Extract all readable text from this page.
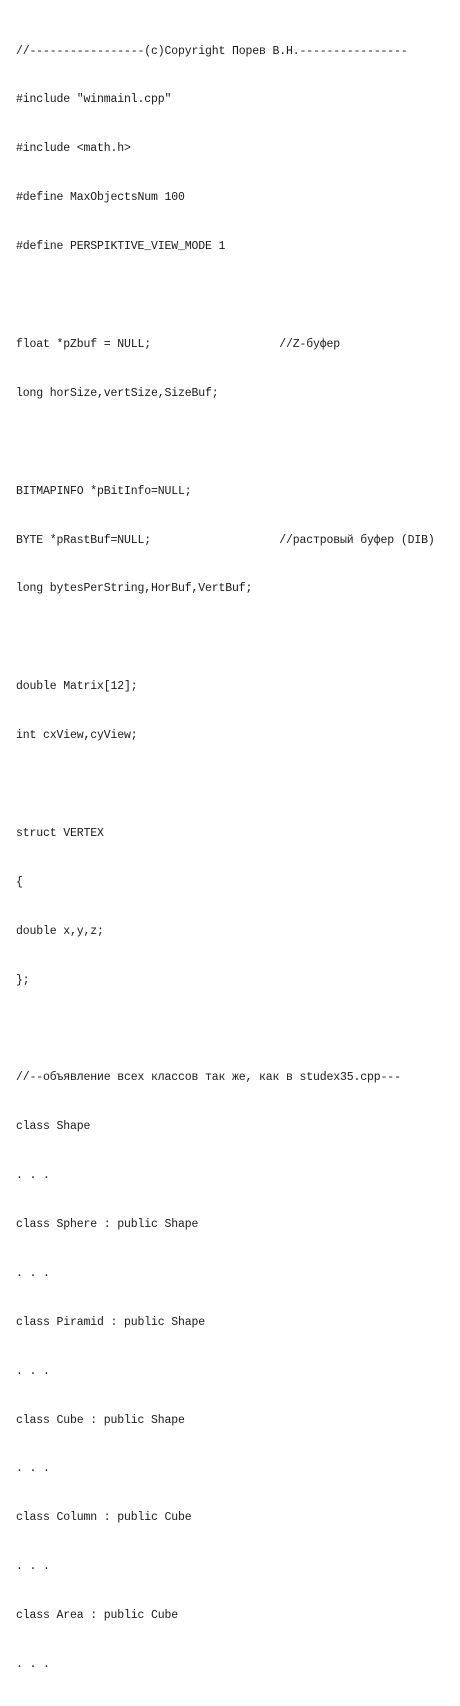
//-----------------(c)Copyright Порев В.Н.----------------

#include "winmainl.cpp"

#include <math.h>

#define MaxObjectsNum 100

#define PERSPIKTIVE_VIEW_MODE 1

float *pZbuf = NULL;                   //Z-буфер

long horSize,vertSize,SizeBuf;

BITMAPINFO *pBitInfo=NULL;

BYTE *pRastBuf=NULL;                   //растровый буфер (DIB)

long bytesPerString,HorBuf,VertBuf;

double Matrix[12];

int cxView,cyView;

struct VERTEX

{

double x,y,z;

};

//--объявление всех классов так же, как в studex35.cpp---

class Shape

. . .

class Sphere : public Shape

. . .

class Piramid : public Shape

. . .

class Cube : public Shape

. . .

class Column : public Cube

. . .

class Area : public Cube

. . .
